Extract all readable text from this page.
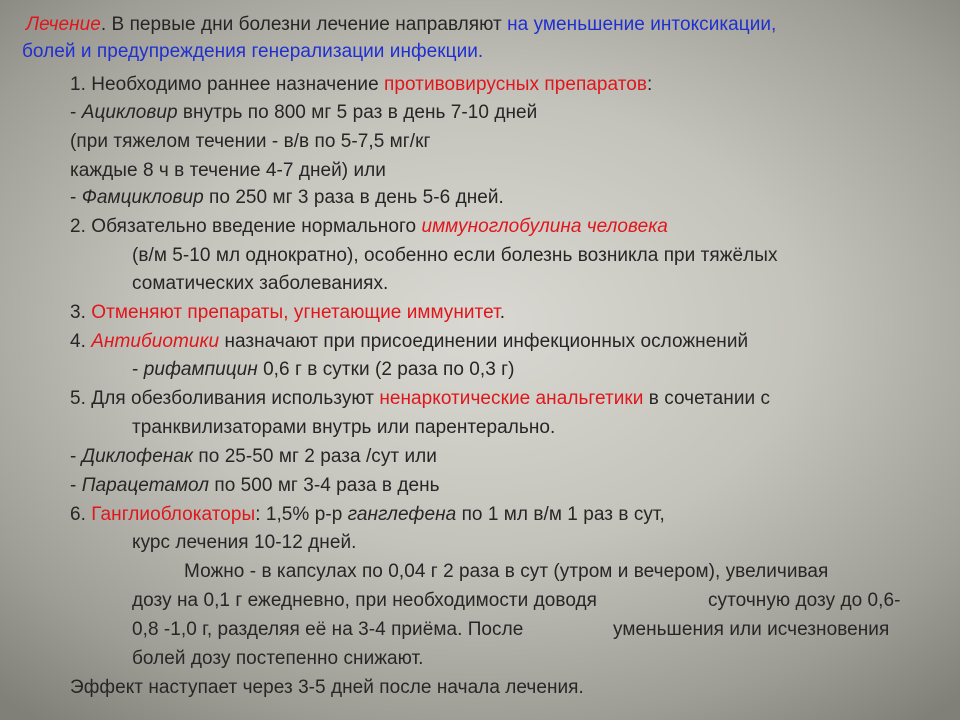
Лечение. В первые дни болезни лечение направляют на уменьшение интоксикации,
болей и предупреждения генерализации инфекции.
1. Необходимо раннее назначение противовирусных препаратов:
- Ацикловир внутрь по 800 мг 5 раз в день 7-10 дней
(при тяжелом течении - в/в по 5-7,5 мг/кг
каждые 8 ч в течение 4-7 дней) или
- Фамцикловир по 250 мг 3 раза в день 5-6 дней.
2. Обязательно введение нормального иммуноглобулина человека
(в/м 5-10 мл однократно), особенно если болезнь возникла при тяжёлых
соматических заболеваниях.
3. Отменяют препараты, угнетающие иммунитет.
4. Антибиотики назначают при присоединении инфекционных осложнений
- рифампицин 0,6 г в сутки (2 раза по 0,3 г)
5. Для обезболивания используют ненаркотические анальгетики в сочетании с
транквилизаторами внутрь или парентерально.
- Диклофенак по 25-50 мг 2 раза /сут или
- Парацетамол по 500 мг 3-4 раза в день
6. Ганглиоблокаторы: 1,5% р-р ганглефена по 1 мл в/м 1 раз в сут,
курс лечения 10-12 дней.
Можно - в капсулах по 0,04 г 2 раза в сут (утром и вечером), увеличивая
дозу на 0,1 г ежедневно, при необходимости доводя	суточную дозу до 0,6-
0,8 -1,0 г, разделяя её на 3-4 приёма. После	уменьшения или исчезновения
болей дозу постепенно снижают.
Эффект наступает через 3-5 дней после начала лечения.
